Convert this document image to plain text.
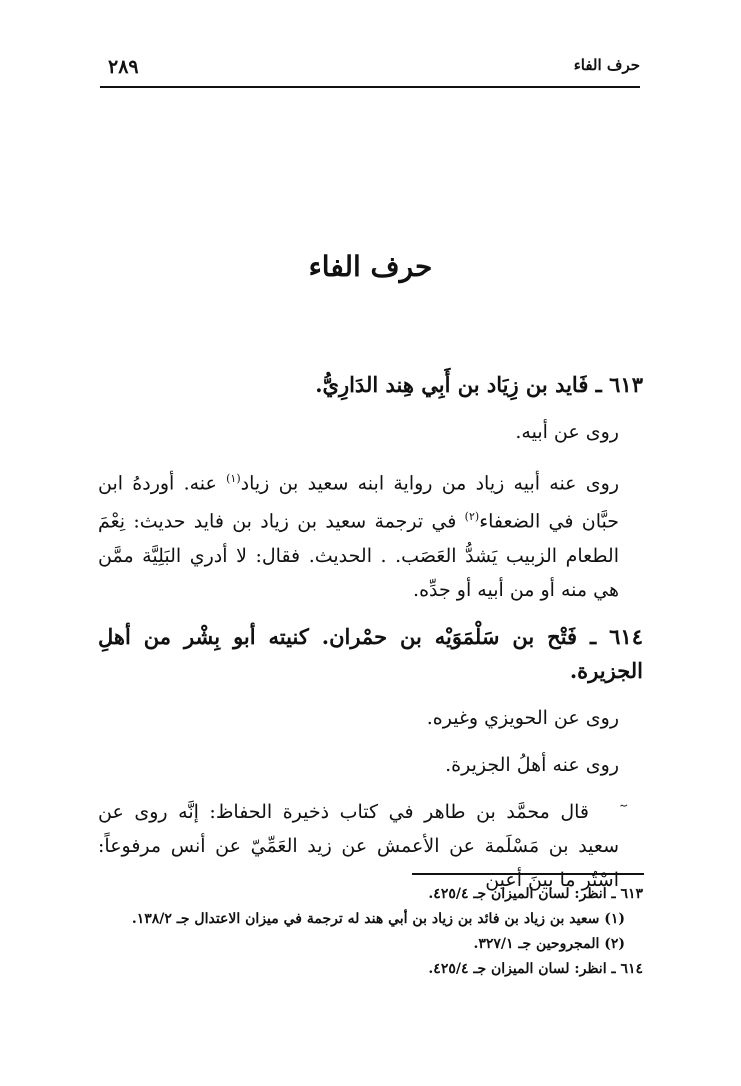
حرف الفاء
٢٨٩
حرف الفاء

٦١٣ ـ فَايد بن زِيَاد بن أَبِي هِند الدَارِيُّ.

روى عن أبيه.

روى عنه أبيه زياد من رواية ابنه سعيد بن زياد$^{(١)}$ عنه. أوردهُ ابن حبَّان في الضعفاء$^{(٢)}$ في ترجمة سعيد بن زياد بن فايد حديث: نِعْمَ الطعام الزبيب يَشدُّ العَصَب. . الحديث. فقال: لا أدري البَلِيَّة ممَّن هي منه أو من أبيه أو جدِّه.

٦١٤ ـ فَتْح بن سَلْمَوَيْه بن حمْران. كنيته أبو بِشْر من أهلِ الجزيرة.

روى عن الحويزي وغيره.

روى عنه أهلُ الجزيرة.

قال محمَّد بن طاهر في كتاب ذخيرة الحفاظ: إنَّه روى عن سعيد بن مَسْلَمة عن الأعمش عن زيد العَمِّيّ عن أنس مرفوعاً: اسْتُر ما بينَ أعين

٦١٣ ـ انظر: لسان الميزان جـ ٤٢٥/٤.
(١) سعيد بن زياد بن فائد بن زياد بن أبي هند له ترجمة في ميزان الاعتدال جـ ١٣٨/٢.
(٢) المجروحين جـ ٣٢٧/١.
٦١٤ ـ انظر: لسان الميزان جـ ٤٢٥/٤.
